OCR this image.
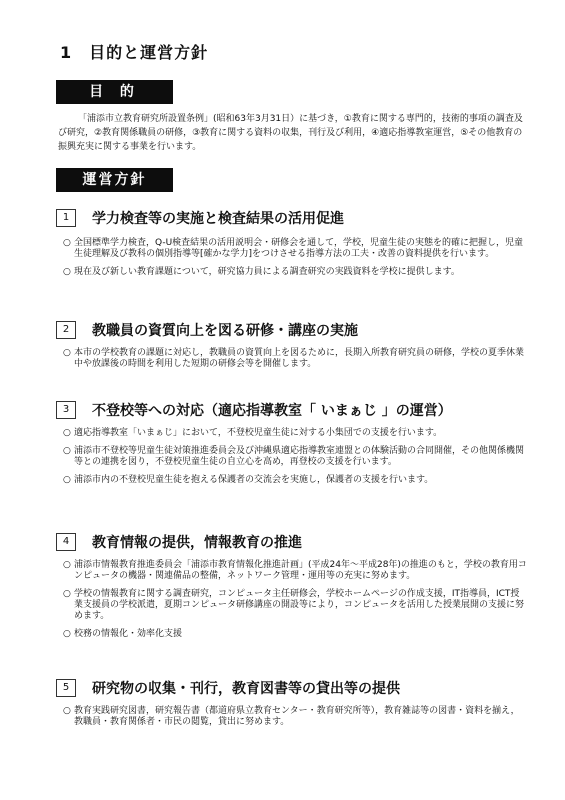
1　目的と運営方針
目 的
「浦添市立教育研究所設置条例」(昭和63年3月31日）に基づき，①教育に関する専門的，技術的事項の調査及び研究，②教育関係職員の研修，③教育に関する資料の収集，刊行及び利用，④適応指導教室運営，⑤その他教育の振興充実に関する事業を行います。
運営方針
1	学力検査等の実施と検査結果の活用促進
○ 全国標準学力検査，Q-U検査結果の活用説明会・研修会を通して，学校，児童生徒の実態を的確に把握し，児童生徒理解及び教科の個別指導等[確かな学力]をつけさせる指導方法の工夫・改善の資料提供を行います。
○ 現在及び新しい教育課題について，研究協力員による調査研究の実践資料を学校に提供します。
2	教職員の資質向上を図る研修・講座の実施
○ 本市の学校教育の課題に対応し，教職員の資質向上を図るために，長期入所教育研究員の研修，学校の夏季休業中や放課後の時間を利用した短期の研修会等を開催します。
3	不登校等への対応（適応指導教室「 いまぁじ 」の運営）
○ 適応指導教室「いまぁじ」において，不登校児童生徒に対する小集団での支援を行います。
○ 浦添市不登校等児童生徒対策推進委員会及び沖縄県適応指導教室連盟との体験活動の合同開催，その他関係機関等との連携を図り，不登校児童生徒の自立心を高め，再登校の支援を行います。
○ 浦添市内の不登校児童生徒を抱える保護者の交流会を実施し，保護者の支援を行います。
4	教育情報の提供，情報教育の推進
○ 浦添市情報教育推進委員会「浦添市教育情報化推進計画」(平成24年～平成28年)の推進のもと，学校の教育用コンピュータの機器・関連備品の整備，ネットワーク管理・運用等の充実に努めます。
○ 学校の情報教育に関する調査研究，コンピュータ主任研修会，学校ホームページの作成支援，IT指導員，ICT授業支援員の学校派遣，夏期コンピュータ研修講座の開設等により，コンピュータを活用した授業展開の支援に努めます。
○ 校務の情報化・効率化支援
5	研究物の収集・刊行，教育図書等の貸出等の提供
○ 教育実践研究図書，研究報告書（都道府県立教育センター・教育研究所等），教育雑誌等の図書・資料を揃え，教職員・教育関係者・市民の閲覧，貸出に努めます。
